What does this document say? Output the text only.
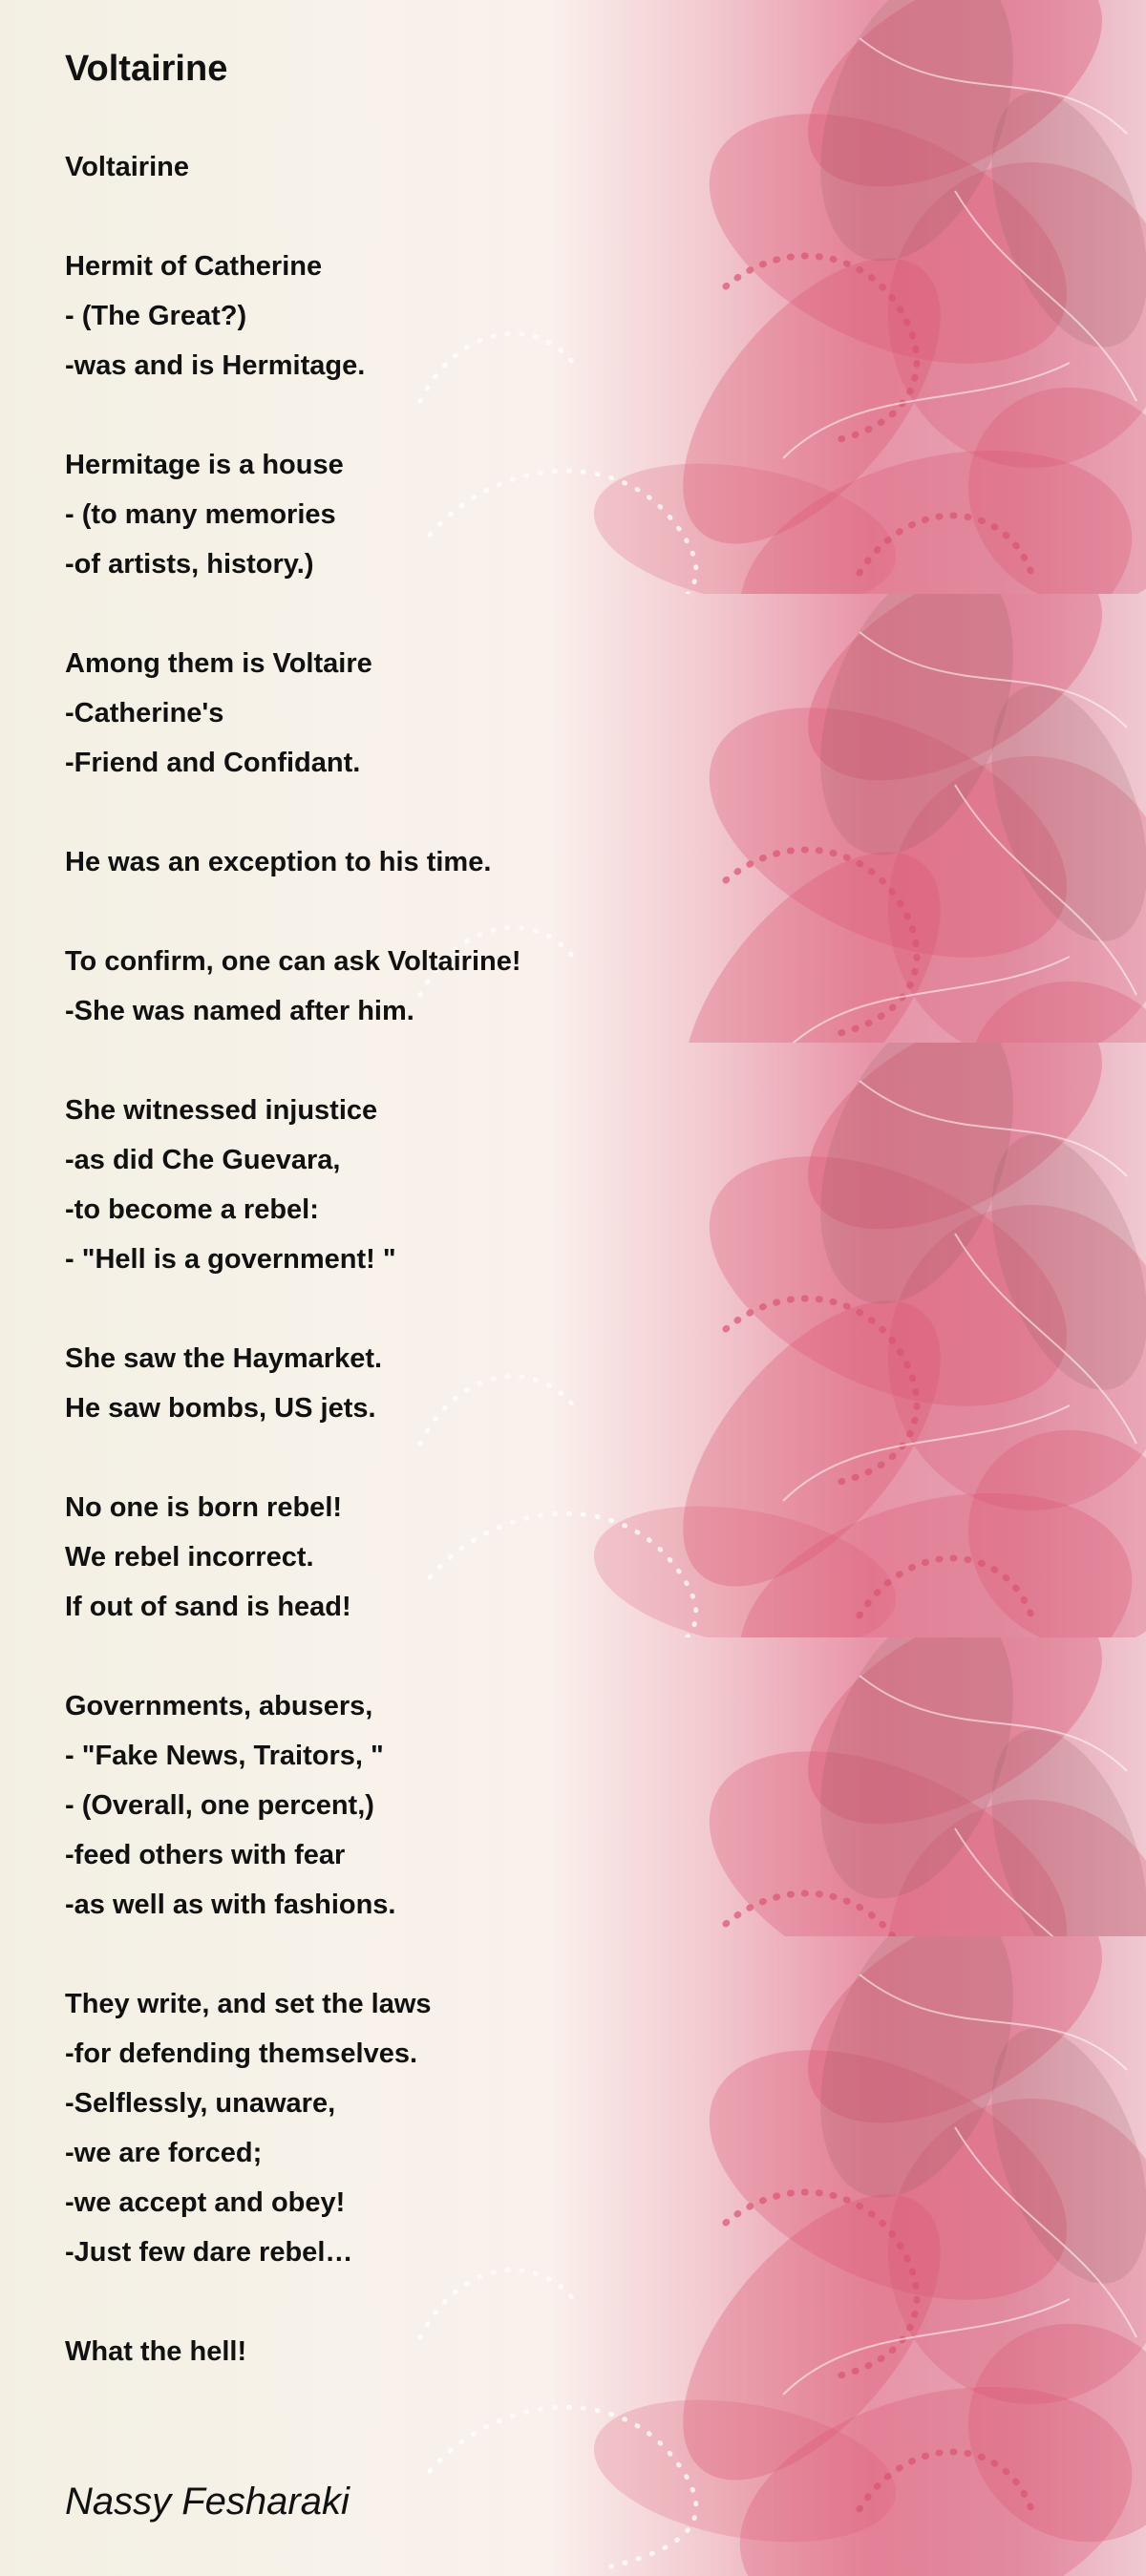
Voltairine
Voltairine
Hermit of Catherine
- (The Great?)
-was and is Hermitage.
Hermitage is a house
- (to many memories
-of artists, history.)
Among them is Voltaire
-Catherine's
-Friend and Confidant.
He was an exception to his time.
To confirm, one can ask Voltairine!
-She was named after him.
She witnessed injustice
-as did Che Guevara,
-to become a rebel:
- "Hell is a government! "
She saw the Haymarket.
He saw bombs, US jets.
No one is born rebel!
We rebel incorrect.
If out of sand is head!
Governments, abusers,
- "Fake News, Traitors, "
- (Overall, one percent,)
-feed others with fear
-as well as with fashions.
They write, and set the laws
-for defending themselves.
-Selflessly, unaware,
-we are forced;
-we accept and obey!
-Just few dare rebel…
What the hell!
Nassy Fesharaki
